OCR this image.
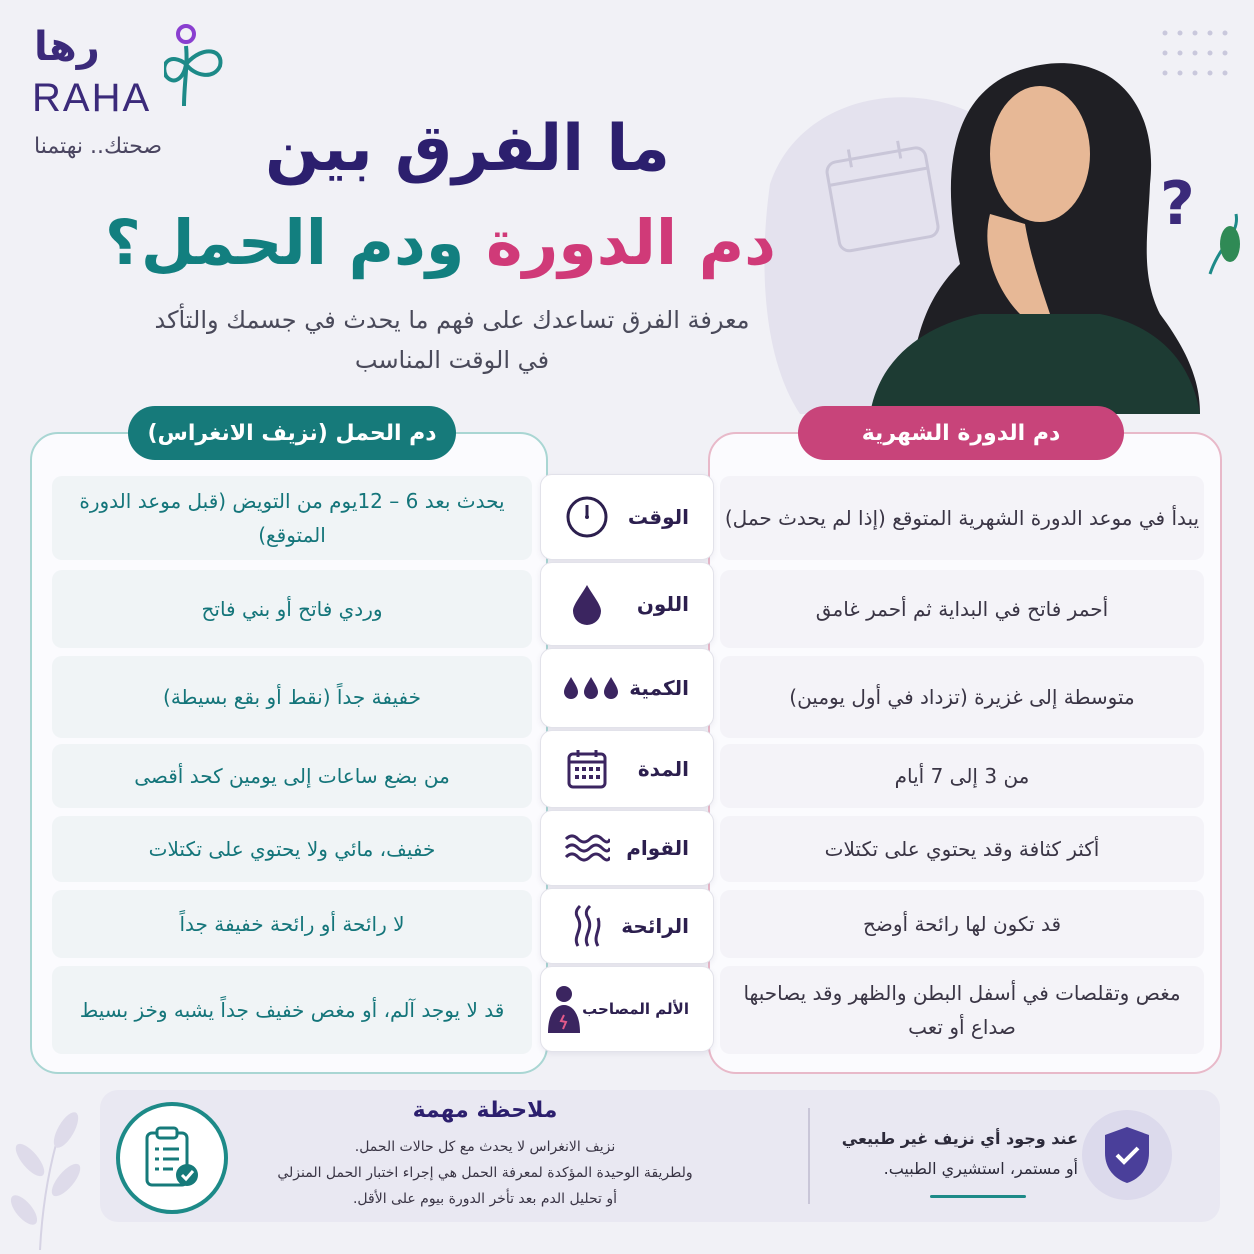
رها
RAHA
صحتك.. نهتمنا
?
ما الفرق بين
دم الدورة ودم الحمل؟
معرفة الفرق تساعدك على فهم ما يحدث في جسمك والتأكد في الوقت المناسب
دم الدورة الشهرية
دم الحمل (نزيف الانغراس)
يبدأ في موعد الدورة الشهرية المتوقع (إذا لم يحدث حمل)
الوقت
يحدث بعد 6 – 12يوم من التويض (قبل موعد الدورة المتوقع)
أحمر فاتح في البداية ثم أحمر غامق
اللون
وردي فاتح أو بني فاتح
متوسطة إلى غزيرة (تزداد في أول يومين)
الكمية
خفيفة جداً (نقط أو بقع بسيطة)
من 3 إلى 7 أيام
المدة
من بضع ساعات إلى يومين كحد أقصى
أكثر كثافة وقد يحتوي على تكتلات
القوام
خفيف، مائي ولا يحتوي على تكتلات
قد تكون لها رائحة أوضح
الرائحة
لا رائحة أو رائحة خفيفة جداً
مغص وتقلصات في أسفل البطن والظهر وقد يصاحبها صداع أو تعب
الألم المصاحب
قد لا يوجد آلم، أو مغص خفيف جداً يشبه وخز بسيط
ملاحظة مهمة
نزيف الانغراس لا يحدث مع كل حالات الحمل.
ولطريقة الوحيدة المؤكدة لمعرفة الحمل هي إجراء اختبار الحمل المنزلي
أو تحليل الدم بعد تأخر الدورة بيوم على الأقل.
عند وجود أي نزيف غير طبيعي
أو مستمر، استشيري الطبيب.
